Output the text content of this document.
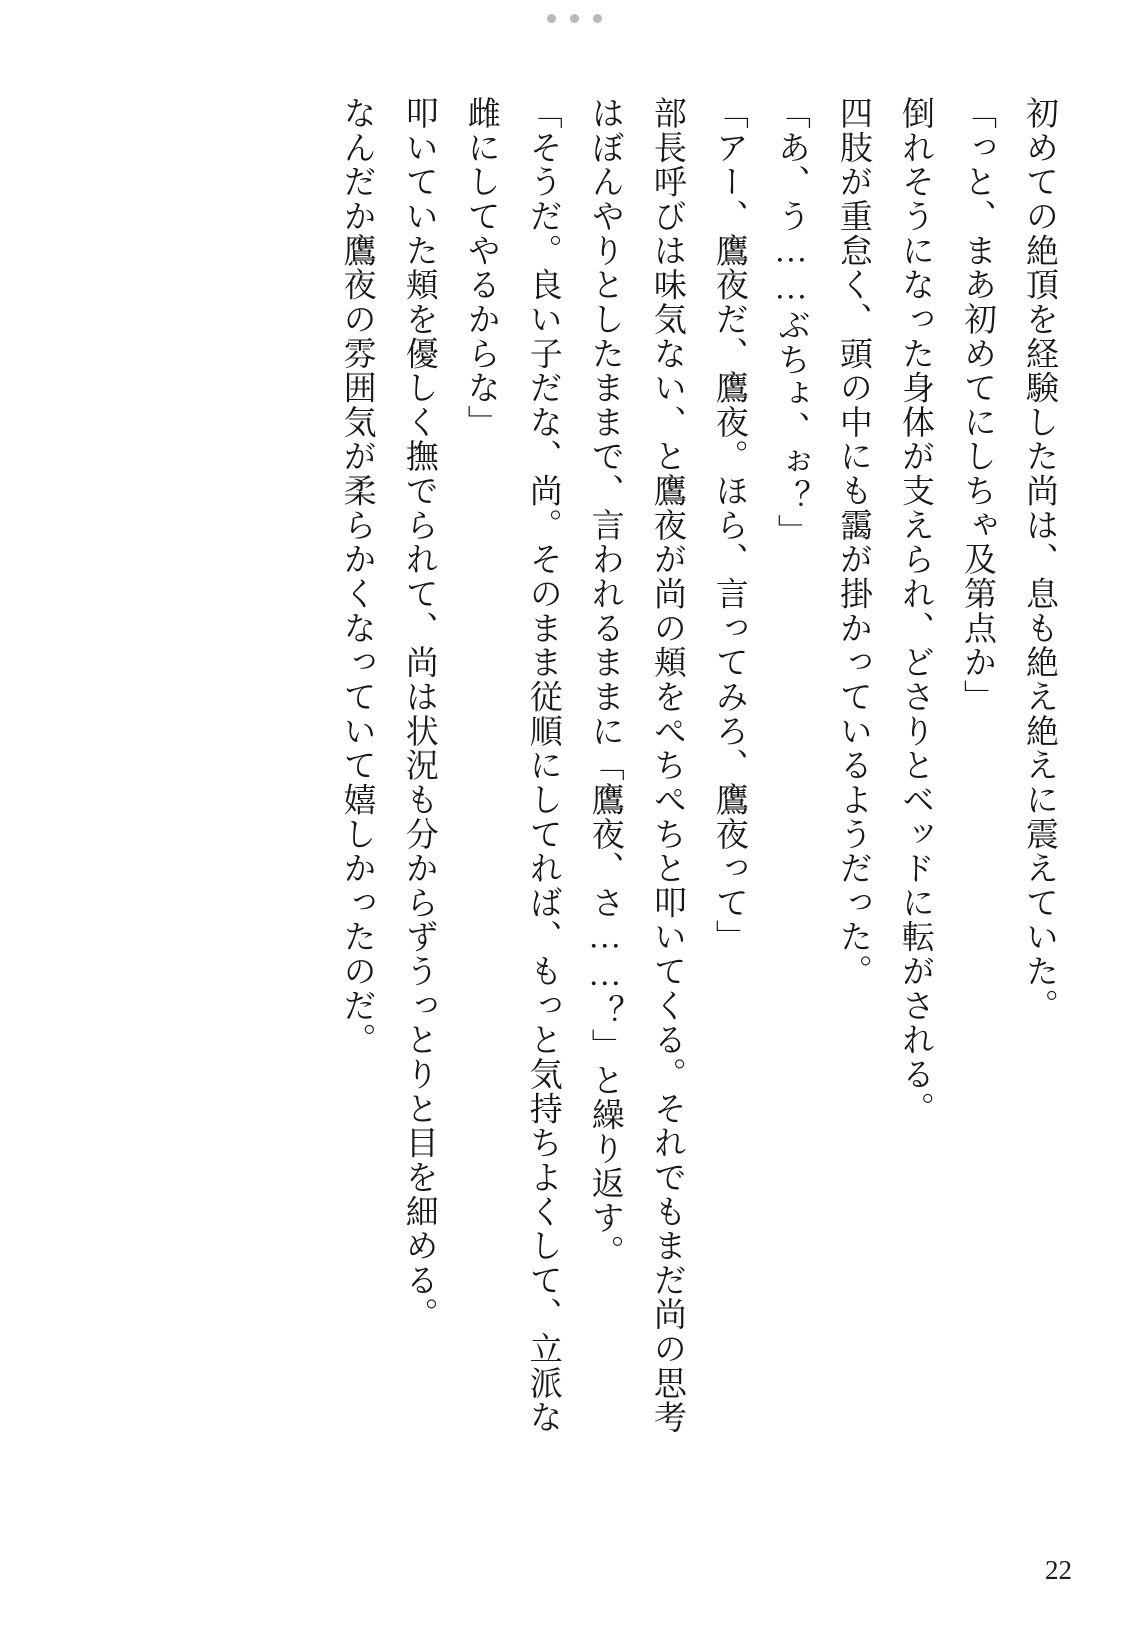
初めての絶頂を経験した尚は、息も絶え絶えに震えていた。

「っと、まあ初めてにしちゃ及第点か」

倒れそうになった身体が支えられ、どさりとベッドに転がされる。

四肢が重怠く、頭の中にも靄が掛かっているようだった。

「あ、う……ぶちょ、ぉ？」

「アー、鷹夜だ、鷹夜。ほら、言ってみろ、鷹夜って」

部長呼びは味気ない、と鷹夜が尚の頬をぺちぺちと叩いてくる。それでもまだ尚の思考はぼんやりとしたままで、言われるままに「鷹夜、さ……？」と繰り返す。

「そうだ。良い子だな、尚。そのまま従順にしてれば、もっと気持ちよくして、立派な雌にしてやるからな」

叩いていた頬を優しく撫でられて、尚は状況も分からずうっとりと目を細める。

なんだか鷹夜の雰囲気が柔らかくなっていて嬉しかったのだ。

22
